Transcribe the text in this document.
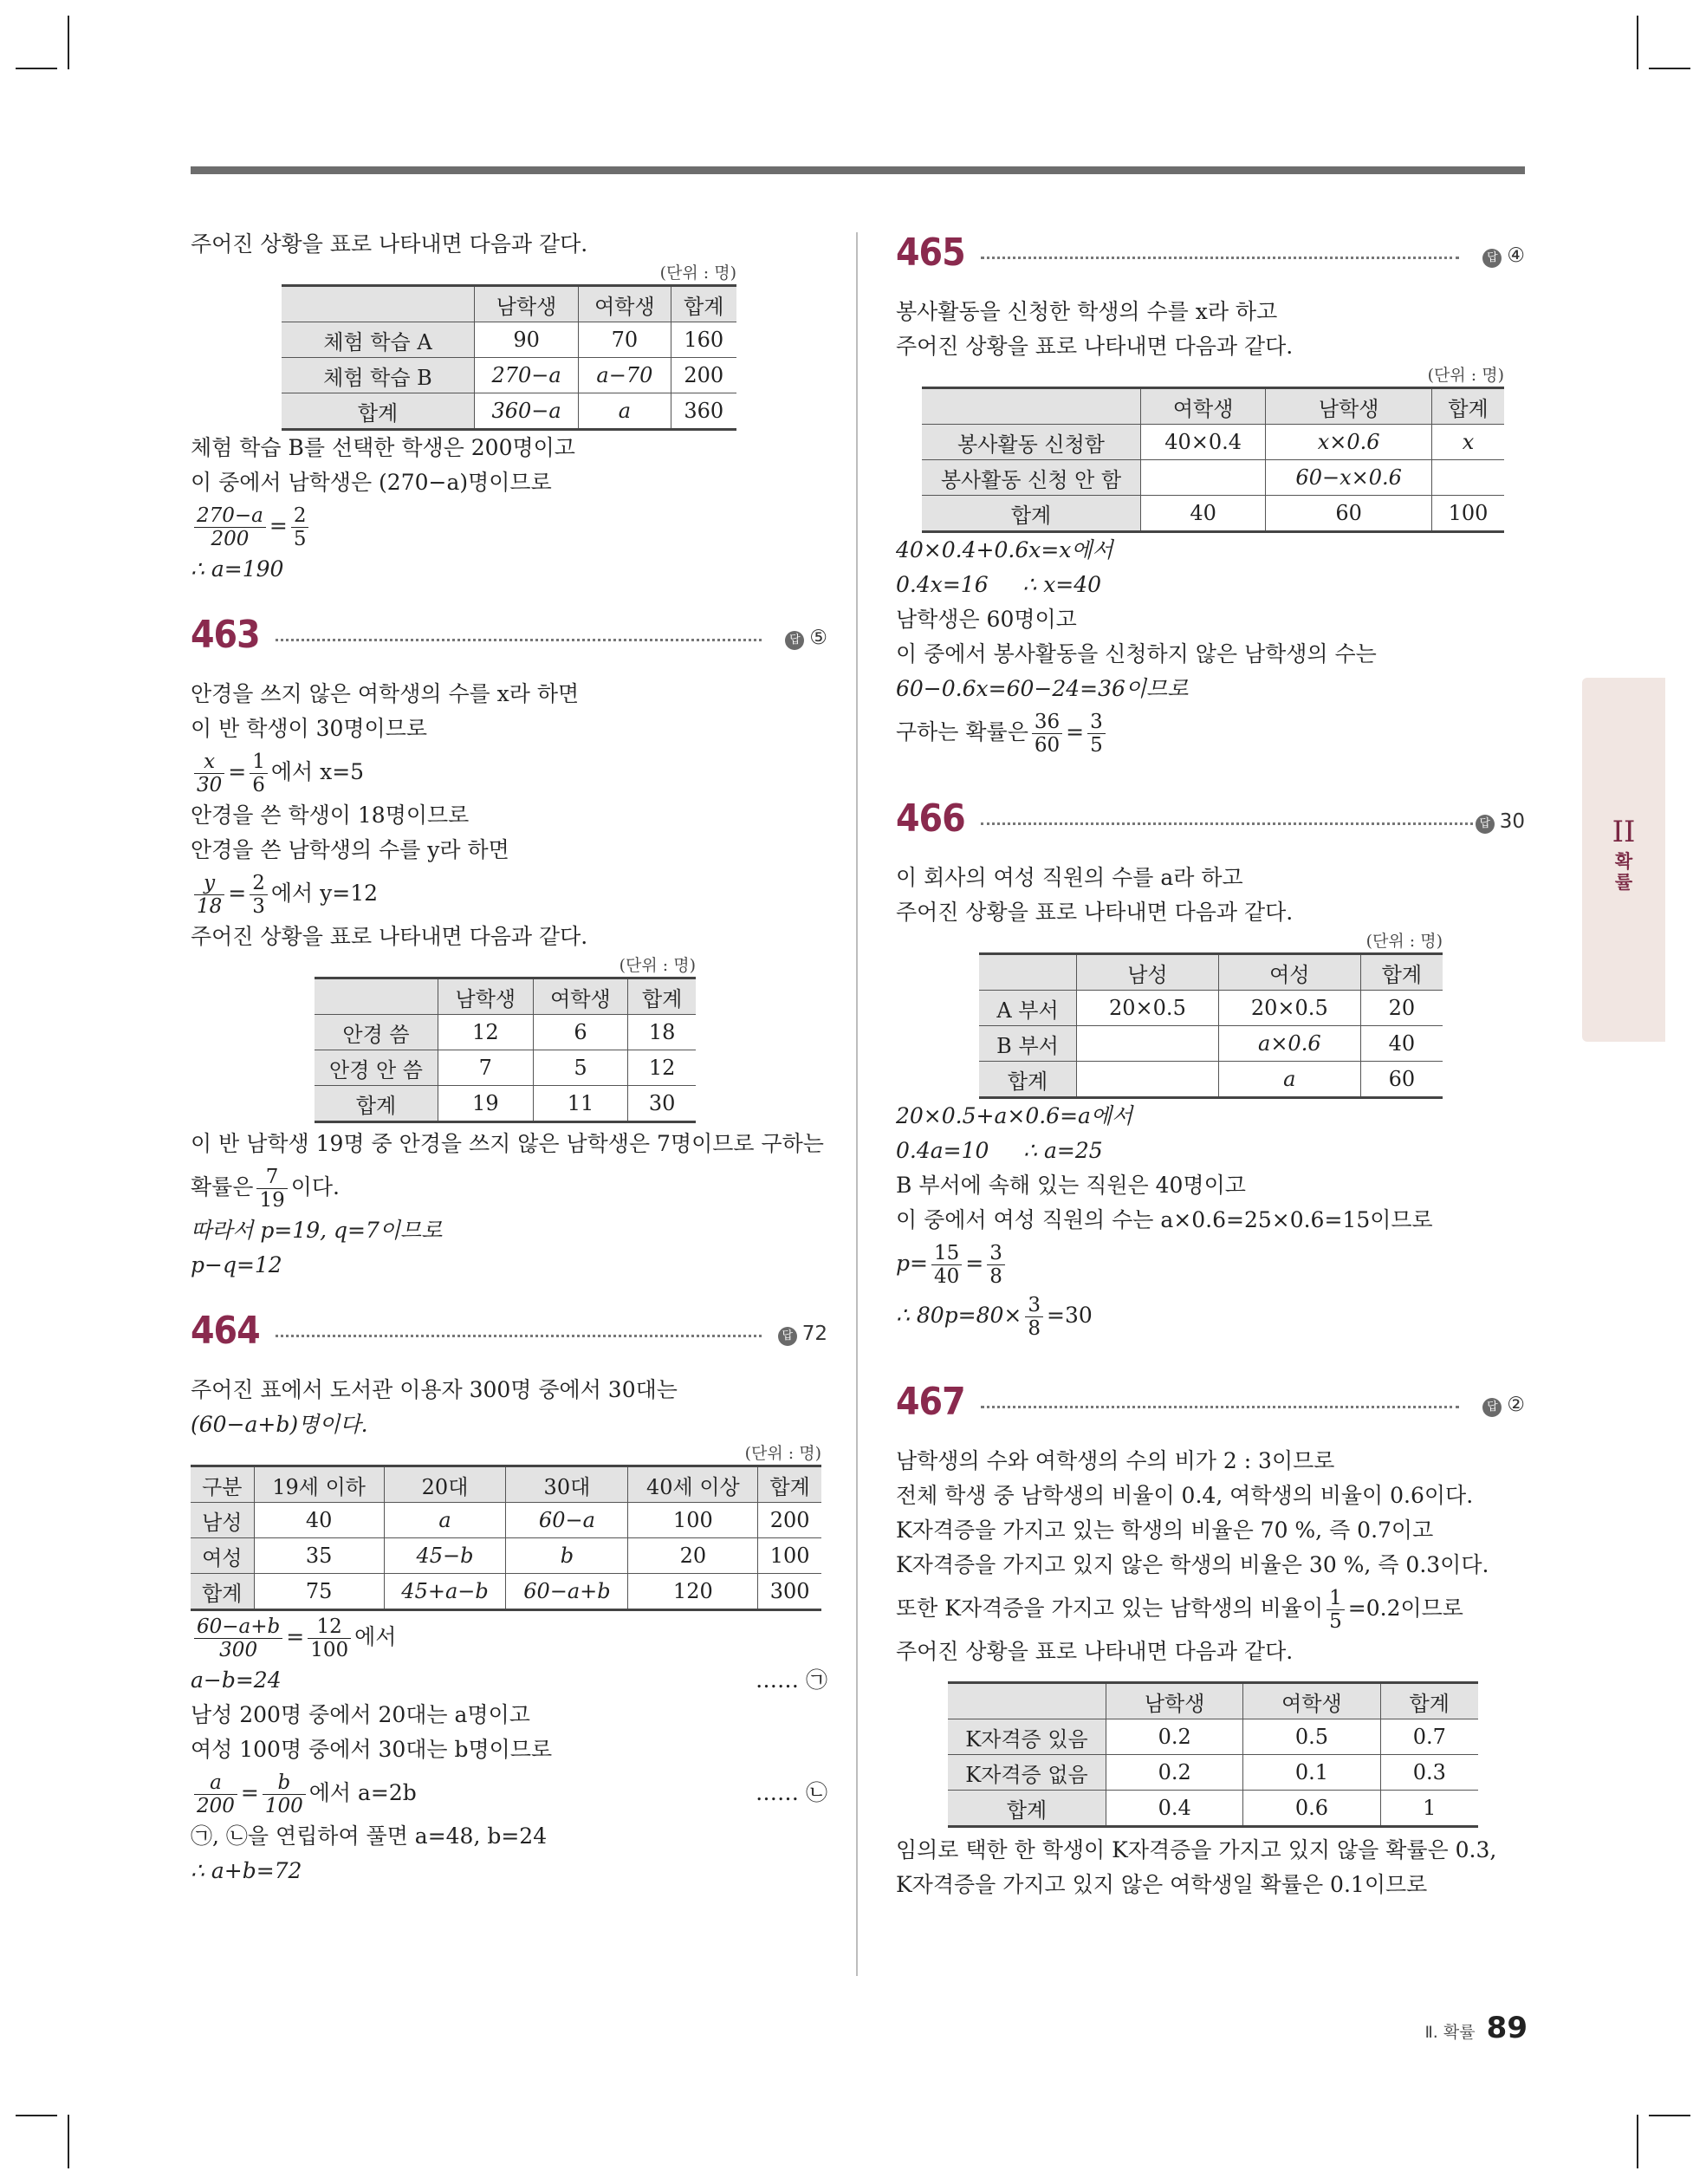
주어진 상황을 표로 나타내면 다음과 같다.
(단위 : 명)
	남학생	여학생	합계
체험 학습 A	90	70	160
체험 학습 B	270−a	a−70	200
합계	360−a	a	360
체험 학습 B를 선택한 학생은 200명이고
이 중에서 남학생은 (270−a)명이므로
$\frac{270-a}{200} = \frac{2}{5}$
∴ a=190
463	답 ⑤
안경을 쓰지 않은 여학생의 수를 x라 하면
이 반 학생이 30명이므로
$\frac{x}{30} = \frac{1}{6}$ 에서 x=5
안경을 쓴 학생이 18명이므로
안경을 쓴 남학생의 수를 y라 하면
$\frac{y}{18} = \frac{2}{3}$ 에서 y=12
주어진 상황을 표로 나타내면 다음과 같다.
(단위 : 명)
	남학생	여학생	합계
안경 씀	12	6	18
안경 안 씀	7	5	12
합계	19	11	30
이 반 남학생 19명 중 안경을 쓰지 않은 남학생은 7명이므로 구하는
확률은 $\frac{7}{19}$ 이다.
따라서 p=19, q=7이므로
p−q=12
464	답 72
주어진 표에서 도서관 이용자 300명 중에서 30대는
(60−a+b)명이다.
(단위 : 명)
구분	19세 이하	20대	30대	40세 이상	합계
남성	40	a	60−a	100	200
여성	35	45−b	b	20	100
합계	75	45+a−b	60−a+b	120	300
$\frac{60-a+b}{300} = \frac{12}{100}$ 에서
a−b=24	…… ㉠
남성 200명 중에서 20대는 a명이고
여성 100명 중에서 30대는 b명이므로
$\frac{a}{200} = \frac{b}{100}$ 에서 a=2b	…… ㉡
㉠, ㉡을 연립하여 풀면 a=48, b=24
∴ a+b=72
465	답 ④
봉사활동을 신청한 학생의 수를 x라 하고
주어진 상황을 표로 나타내면 다음과 같다.
(단위 : 명)
	여학생	남학생	합계
봉사활동 신청함	40×0.4	x×0.6	x
봉사활동 신청 안 함		60−x×0.6	
합계	40	60	100
40×0.4+0.6x=x에서
0.4x=16     ∴ x=40
남학생은 60명이고
이 중에서 봉사활동을 신청하지 않은 남학생의 수는
60−0.6x=60−24=36이므로
구하는 확률은 $\frac{36}{60} = \frac{3}{5}$
466	답 30
이 회사의 여성 직원의 수를 a라 하고
주어진 상황을 표로 나타내면 다음과 같다.
(단위 : 명)
	남성	여성	합계
A 부서	20×0.5	20×0.5	20
B 부서		a×0.6	40
합계		a	60
20×0.5+a×0.6=a에서
0.4a=10     ∴ a=25
B 부서에 속해 있는 직원은 40명이고
이 중에서 여성 직원의 수는 a×0.6=25×0.6=15이므로
$p= \frac{15}{40} = \frac{3}{8}$
∴ $80p=80\times \frac{3}{8} =30$
467	답 ②
남학생의 수와 여학생의 수의 비가 2 : 3이므로
전체 학생 중 남학생의 비율이 0.4, 여학생의 비율이 0.6이다.
K자격증을 가지고 있는 학생의 비율은 70 %, 즉 0.7이고
K자격증을 가지고 있지 않은 학생의 비율은 30 %, 즉 0.3이다.
또한 K자격증을 가지고 있는 남학생의 비율이 $\frac{1}{5} =0.2$이므로
주어진 상황을 표로 나타내면 다음과 같다.
	남학생	여학생	합계
K자격증 있음	0.2	0.5	0.7
K자격증 없음	0.2	0.1	0.3
합계	0.4	0.6	1
임의로 택한 한 학생이 K자격증을 가지고 있지 않을 확률은 0.3,
K자격증을 가지고 있지 않은 여학생일 확률은 0.1이므로
II
확
률
Ⅱ. 확률 89
